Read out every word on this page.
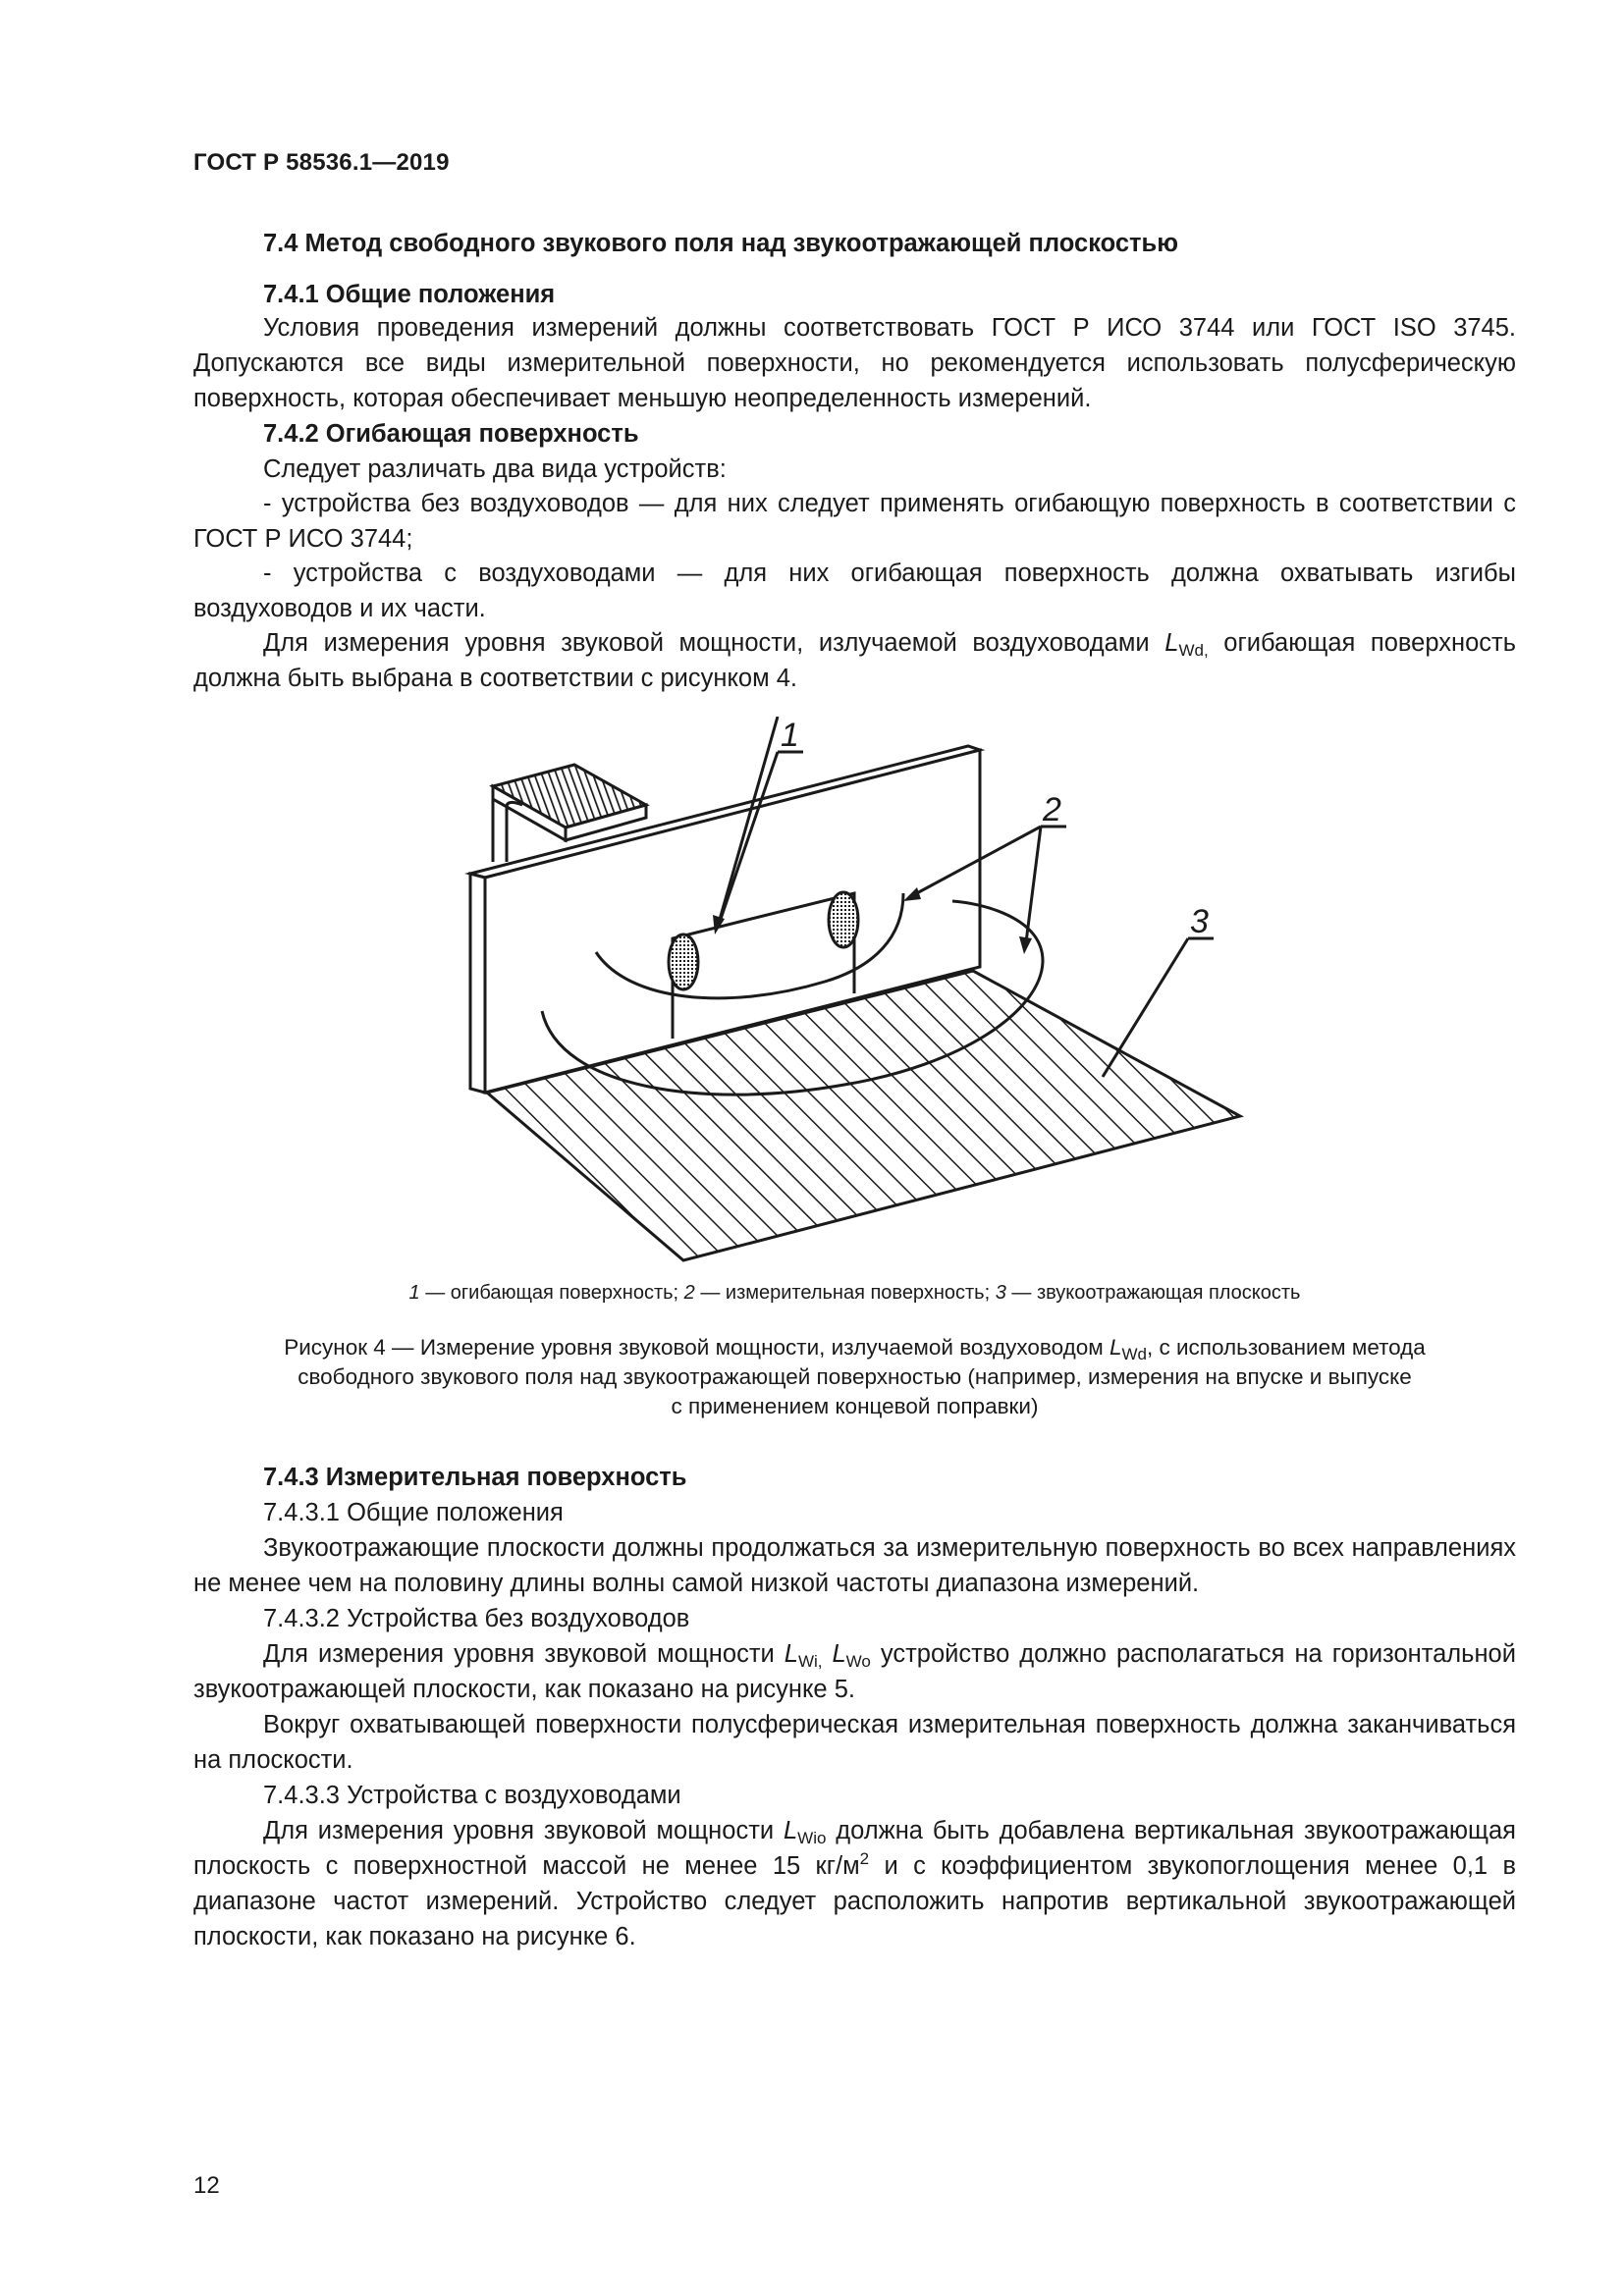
ГОСТ Р 58536.1—2019
7.4 Метод свободного звукового поля над звукоотражающей плоскостью
7.4.1 Общие положения

Условия проведения измерений должны соответствовать ГОСТ Р ИСО 3744 или ГОСТ ISO 3745. Допускаются все виды измерительной поверхности, но рекомендуется использовать полусферическую поверхность, которая обеспечивает меньшую неопределенность измерений.

7.4.2 Огибающая поверхность

Следует различать два вида устройств:

- устройства без воздуховодов — для них следует применять огибающую поверхность в соответствии с ГОСТ Р ИСО 3744;

- устройства с воздуховодами — для них огибающая поверхность должна охватывать изгибы воздуховодов и их части.

Для измерения уровня звуковой мощности, излучаемой воздуховодами $L_{Wd,}$ огибающая поверхность должна быть выбрана в соответствии с рисунком 4.

1
2
3
1 — огибающая поверхность; 2 — измерительная поверхность; 3 — звукоотражающая плоскость
Рисунок 4 — Измерение уровня звуковой мощности, излучаемой воздуховодом $L_{Wd}$, с использованием метода
свободного звукового поля над звукоотражающей поверхностью (например, измерения на впуске и выпуске
с применением концевой поправки)
7.4.3 Измерительная поверхность
7.4.3.1 Общие положения

Звукоотражающие плоскости должны продолжаться за измерительную поверхность во всех направлениях не менее чем на половину длины волны самой низкой частоты диапазона измерений.

7.4.3.2 Устройства без воздуховодов

Для измерения уровня звуковой мощности $L_{Wi,}$ $L_{Wo}$ устройство должно располагаться на горизонтальной звукоотражающей плоскости, как показано на рисунке 5.

Вокруг охватывающей поверхности полусферическая измерительная поверхность должна заканчиваться на плоскости.

7.4.3.3 Устройства с воздуховодами

Для измерения уровня звуковой мощности $L_{Wio}$ должна быть добавлена вертикальная звукоотражающая плоскость с поверхностной массой не менее 15 $кг/м^2$ и с коэффициентом звукопоглощения менее 0,1 в диапазоне частот измерений. Устройство следует расположить напротив вертикальной звукоотражающей плоскости, как показано на рисунке 6.

12
